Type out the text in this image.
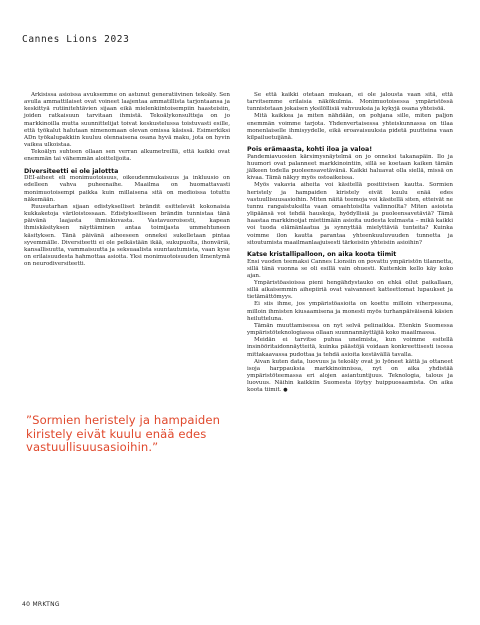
Cannes Lions 2023

Arkisissa asioissa avuksemme on astunut generatiivinen tekoäly. Sen avulla ammattilaiset ovat voineet laajentaa ammatillista tarjontaansa ja keskittyä rutiinitehtävien sijaan eikä mielenkiintoisempiin haasteisiin, joiden ratkaisuun tarvitaan ihmistä. Tekoälykonsultteja on jo markkinoilla mutta suunnittelijat toivat keskustelussa toistuvasti esille, että työkalut halutaan nimenomaan olevan omissa käsissä. Esimerkiksi ADn työkalupakkiin kuuluu olennaisena osana hyvä maku, jota on hyvin vaikea ulkoistaa.

Tekoälyn suhteen ollaan sen verran alkumetreillä, että kaikki ovat enemmän tai vähemmän aloittelijoita.

Diversiteetti ei ole jalottta

DEI-aiheet eli monimuotoisuus, oikeudenmukaisuus ja inkluusio on edelleen vahva puheenaihe. Maailma on huomattavasti monimuotoisempi paikka kuin millaisena sitä on medioissa totuttu näkemään.

Ruusutarhan sijaan edistykselliset brändit esittelevät kokonaisia kukkaketoja väriloistossaan. Edistykselliseen brändin tunnistaa tänä päivänä laajasta ihmiskuvasta. Vastavuoroisesti, kapean ihmiskäsityksen näyttäminen antaa toimijasta ummehtuneen käsityksen. Tänä päivänä aiheeseen onneksi sukelletaan pintaa syvemmälle. Diversiteetti ei ole pelkästään ikää, sukupuolta, ihonväriä, kansallisuutta, vammaisuutta ja seksuaalista suuntautumista, vaan kyse on erilaisuudesta hahmottaa asioita. Yksi monimuotoisuuden ilmentymä on neurodiversiteetti.

”Sormien heristely ja hampaiden kiristely eivät kuulu enää edes vastuullisuusasioihin.”

Se että kaikki otetaan mukaan, ei ole jalousta vaan sitä, että tarvitsemme erilaisia näkökulmia. Monimuotoisessa ympäristössä tunnistetaan jokaisen yksilöllisiä vahvuuksia ja kykyjä osana yhteisöä.

Mitä kaikkea ja miten nähdään, on pohjana sille, miten paljon enemmän voimme tarjota. Yhdenvertaisessa yhteiskunnassa on tilaa monenlaiselle ihmisyydelle, eikä eroavaisuuksia pidetä puutteina vaan kilpailuetuijänä.

Pois erämaasta, kohti iloa ja valoa!

Pandemiavuosien kärsimysnäytelmä on jo onneksi takanapäin. Ilo ja huumori ovat palanneet markkinointiin, sillä se koetaan kaiken tämän jälkeen todella puoleensavetävänä. Kaikki haluavat olla siellä, missä on kivaa. Tämä näkyy myös ostoaikeissa.

Myös vakavia aiheita voi käsitellä positiivisen kautta. Sormien heristely ja hampaiden kiristely eivät kuulu enää edes vastuullisuusasioihin. Miten näitä teemoja voi käsitellä siten, etteivät ne tunnu rangaistuksilta vaan omaehtoisilta valinnoilta? Miten asioista ylipäänsä voi tehdä hauskoja, hyödyllisiä ja puoleensavetäviä? Tämä haastaa markkinoijat miettimään asioita uudesta kulmasta – mikä kaikki voi tuoda elämänlaatua ja synnyttää mielyttäviä tunteita? Kuinka voimme ilon kautta parantaa yhteenkuuluvuuden tunnetta ja sitoutumista maailmanlaajuisesti tärkeisiin yhteisiin asioihin?

Katse kristallipalloon, on aika koota tiimit

Ensi vuoden teemaksi Cannes Lionsiin on povattu ympäristön tilannetta, sillä tänä vuonna se oli esillä vain ohuesti. Kuitenkin kello käy koko ajan.

Ympäristöasioissa pieni hengähdystauko on ehkä ollut paikallaan, sillä aikaisemmin aihepiiriä ovat vaivanneet katteettomat lupaukset ja tietämättömyys.

Ei siis ihme, jos ympäristöasioita on koettu milloin viherpesuna, milloin ihmisten kiusaamisena ja monesti myös turhanpäiväisenä käsien heiluttelunа.

Tämän muuttamisessa on nyt selvä peliпaikka. Etenkin Suomessa ympäristöteknologiassa ollaan suunnannäyttäjiä koko maailmassa.

Meidän ei tarvitse puhua unelmista, kun voimme esitellä insinööritaidonnäytteitä, kuinka päästöjä voidaan konkreettisesti isossa mittakaavassa pudottaa ja tehdä asioita kestävällä tavalla.

Aivan kuten data, luovuus ja tekoäly ovat jo lyöneet kättä ja ottaneet isoja harppauksia markkinoinnissa, nyt on aika yhdistää ympäristöteemassa eri alojen asiantuntijuus. Teknologia, talous ja luovuus. Näihin kaikkiin Suomesta löytyy huippuosaamista. On aika koota tiimit. ●

40 MRKTNG
